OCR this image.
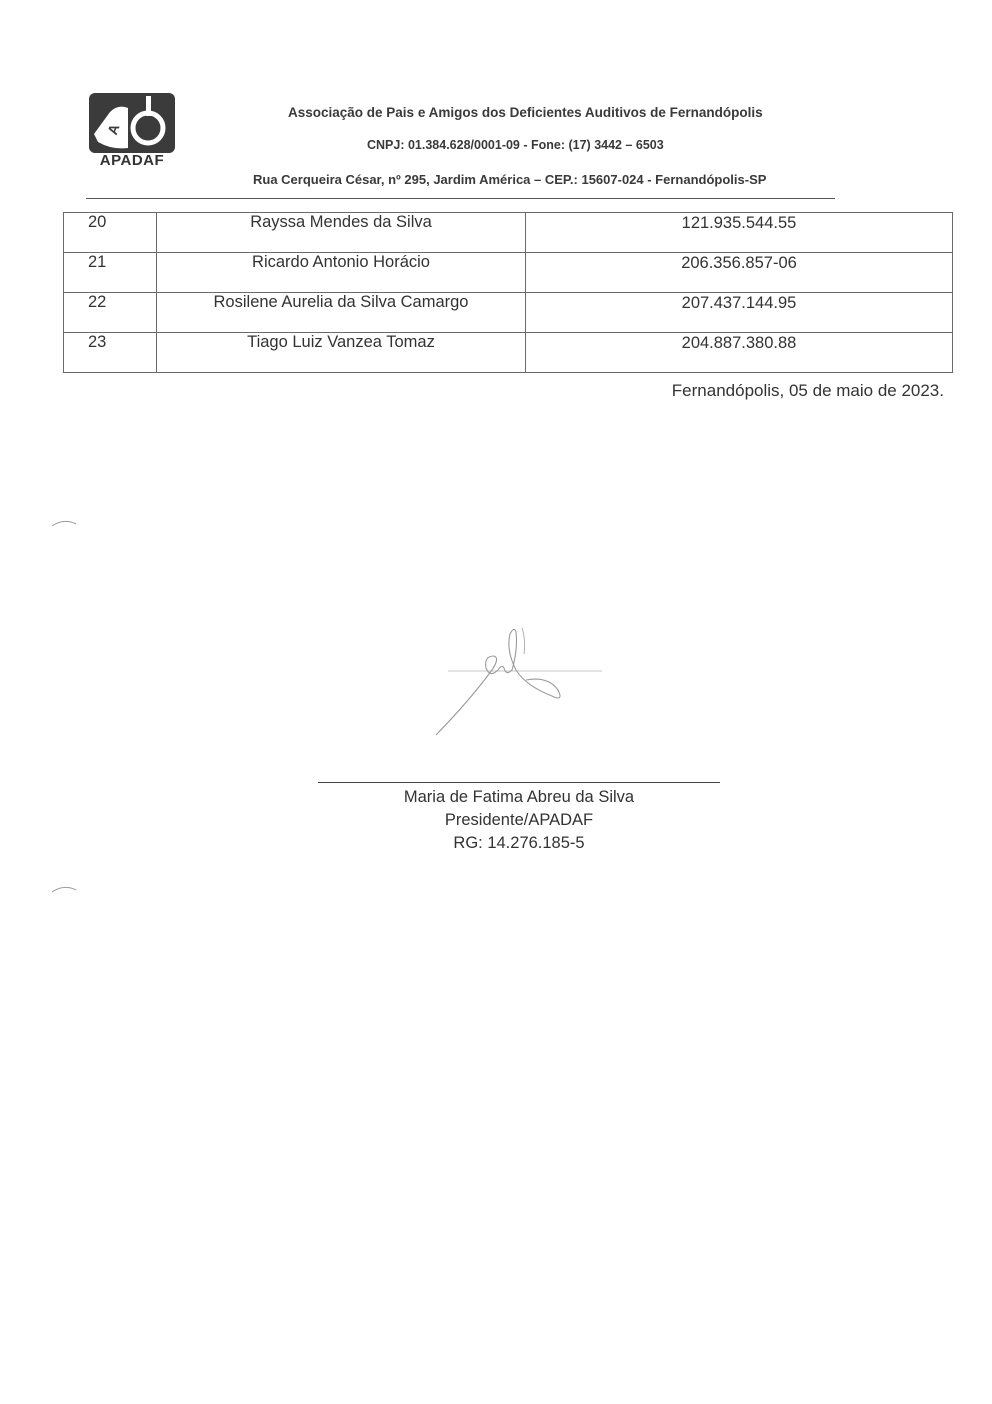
A
APADAF
Associação de Pais e Amigos dos Deficientes Auditivos de Fernandópolis
CNPJ: 01.384.628/0001-09 - Fone: (17) 3442 – 6503
Rua Cerqueira César, nº 295, Jardim América – CEP.: 15607-024 - Fernandópolis-SP
20	Rayssa Mendes da Silva	121.935.544.55
21	Ricardo Antonio Horácio	206.356.857-06
22	Rosilene Aurelia da Silva Camargo	207.437.144.95
23	Tiago Luiz Vanzea Tomaz	204.887.380.88
Fernandópolis, 05 de maio de 2023.
Maria de Fatima Abreu da Silva
Presidente/APADAF
RG: 14.276.185-5
